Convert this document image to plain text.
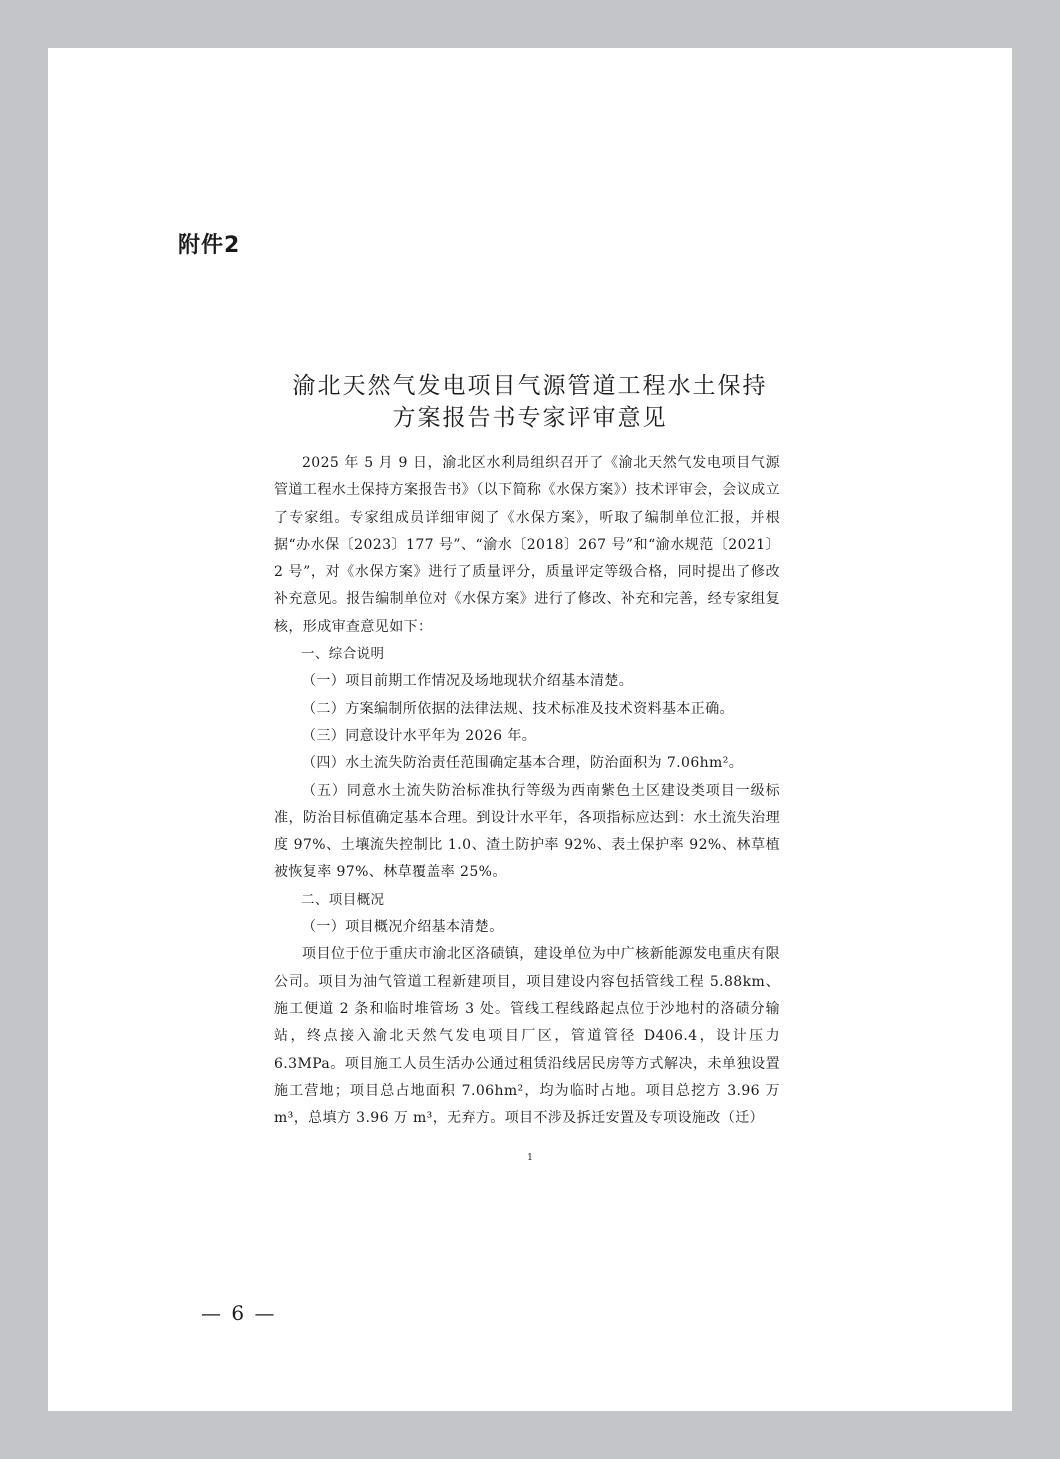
附件2
渝北天然气发电项目气源管道工程水土保持
方案报告书专家评审意见

2025 年 5 月 9 日，渝北区水利局组织召开了《渝北天然气发电项目气源管道工程水土保持方案报告书》（以下简称《水保方案》）技术评审会，会议成立了专家组。专家组成员详细审阅了《水保方案》，听取了编制单位汇报，并根据“办水保〔2023〕177 号”、“渝水〔2018〕267 号”和“渝水规范〔2021〕2 号”，对《水保方案》进行了质量评分，质量评定等级合格，同时提出了修改补充意见。报告编制单位对《水保方案》进行了修改、补充和完善，经专家组复核，形成审查意见如下：

一、综合说明

（一）项目前期工作情况及场地现状介绍基本清楚。

（二）方案编制所依据的法律法规、技术标准及技术资料基本正确。

（三）同意设计水平年为 2026 年。

（四）水土流失防治责任范围确定基本合理，防治面积为 7.06hm²。

（五）同意水土流失防治标准执行等级为西南紫色土区建设类项目一级标准，防治目标值确定基本合理。到设计水平年，各项指标应达到：水土流失治理度 97%、土壤流失控制比 1.0、渣土防护率 92%、表土保护率 92%、林草植被恢复率 97%、林草覆盖率 25%。

二、项目概况

（一）项目概况介绍基本清楚。

项目位于位于重庆市渝北区洛碛镇，建设单位为中广核新能源发电重庆有限公司。项目为油气管道工程新建项目，项目建设内容包括管线工程 5.88km、施工便道 2 条和临时堆管场 3 处。管线工程线路起点位于沙地村的洛碛分输站，终点接入渝北天然气发电项目厂区，管道管径 D406.4，设计压力 6.3MPa。项目施工人员生活办公通过租赁沿线居民房等方式解决，未单独设置施工营地；项目总占地面积 7.06hm²，均为临时占地。项目总挖方 3.96 万 m³，总填方 3.96 万 m³，无弃方。项目不涉及拆迁安置及专项设施改（迁）

1
— 6 —
